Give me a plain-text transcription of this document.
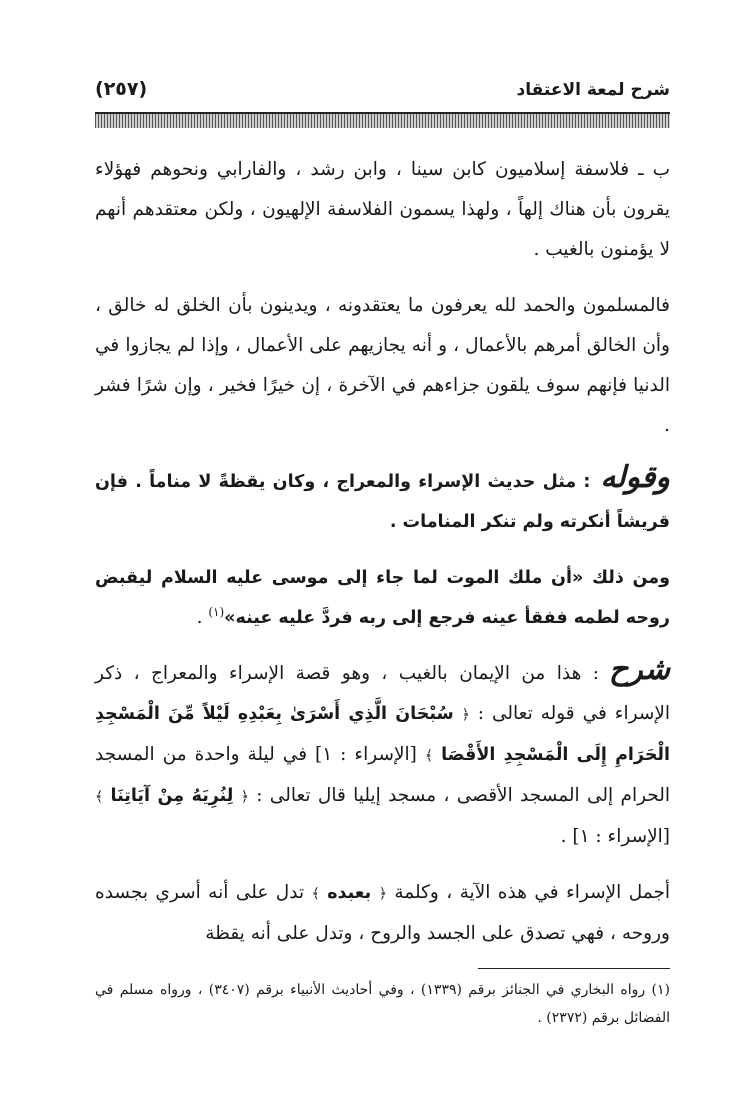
شرح لمعة الاعتقاد
(٢٥٧)

ب ـ فلاسفة إسلاميون كابن سينا ، وابن رشد ، والفارابي ونحوهم فهؤلاء يقرون بأن هناك إلهاً ، ولهذا يسمون الفلاسفة الإلهيون ، ولكن معتقدهم أنهم لا يؤمنون بالغيب .

فالمسلمون والحمد لله يعرفون ما يعتقدونه ، ويدينون بأن الخلق له خالق ، وأن الخالق أمرهم بالأعمال ، و أنه يجازيهم على الأعمال ، وإذا لم يجازوا في الدنيا فإنهم سوف يلقون جزاءهم في الآخرة ، إن خيرًا فخير ، وإن شرًا فشر .

وقوله: مثل حديث الإسراء والمعراج ، وكان يقظةً لا مناماً . فإن قريشاً أنكرته ولم تنكر المنامات .

ومن ذلك «أن ملك الموت لما جاء إلى موسى عليه السلام ليقبض روحه لطمه ففقأ عينه فرجع إلى ربه فردَّ عليه عينه»$^{(١)}$ .

شرح: هذا من الإيمان بالغيب ، وهو قصة الإسراء والمعراج ، ذكر الإسراء في قوله تعالى : ﴿ سُبْحَانَ الَّذِي أَسْرَىٰ بِعَبْدِهِ لَيْلاً مِّنَ الْمَسْجِدِ الْحَرَامِ إِلَى الْمَسْجِدِ الأَقْصَا ﴾ [الإسراء : ١] في ليلة واحدة من المسجد الحرام إلى المسجد الأقصى ، مسجد إيليا قال تعالى : ﴿ لِنُرِيَهُ مِنْ آيَاتِنَا ﴾ [الإسراء : ١] .

أجمل الإسراء في هذه الآية ، وكلمة ﴿ بعبده ﴾ تدل على أنه أسري بجسده وروحه ، فهي تصدق على الجسد والروح ، وتدل على أنه يقظة

(١) رواه البخاري في الجنائز برقم (١٣٣٩) ، وفي أحاديث الأنبياء برقم (٣٤٠٧) ، ورواه مسلم في الفضائل برقم (٢٣٧٢) .
